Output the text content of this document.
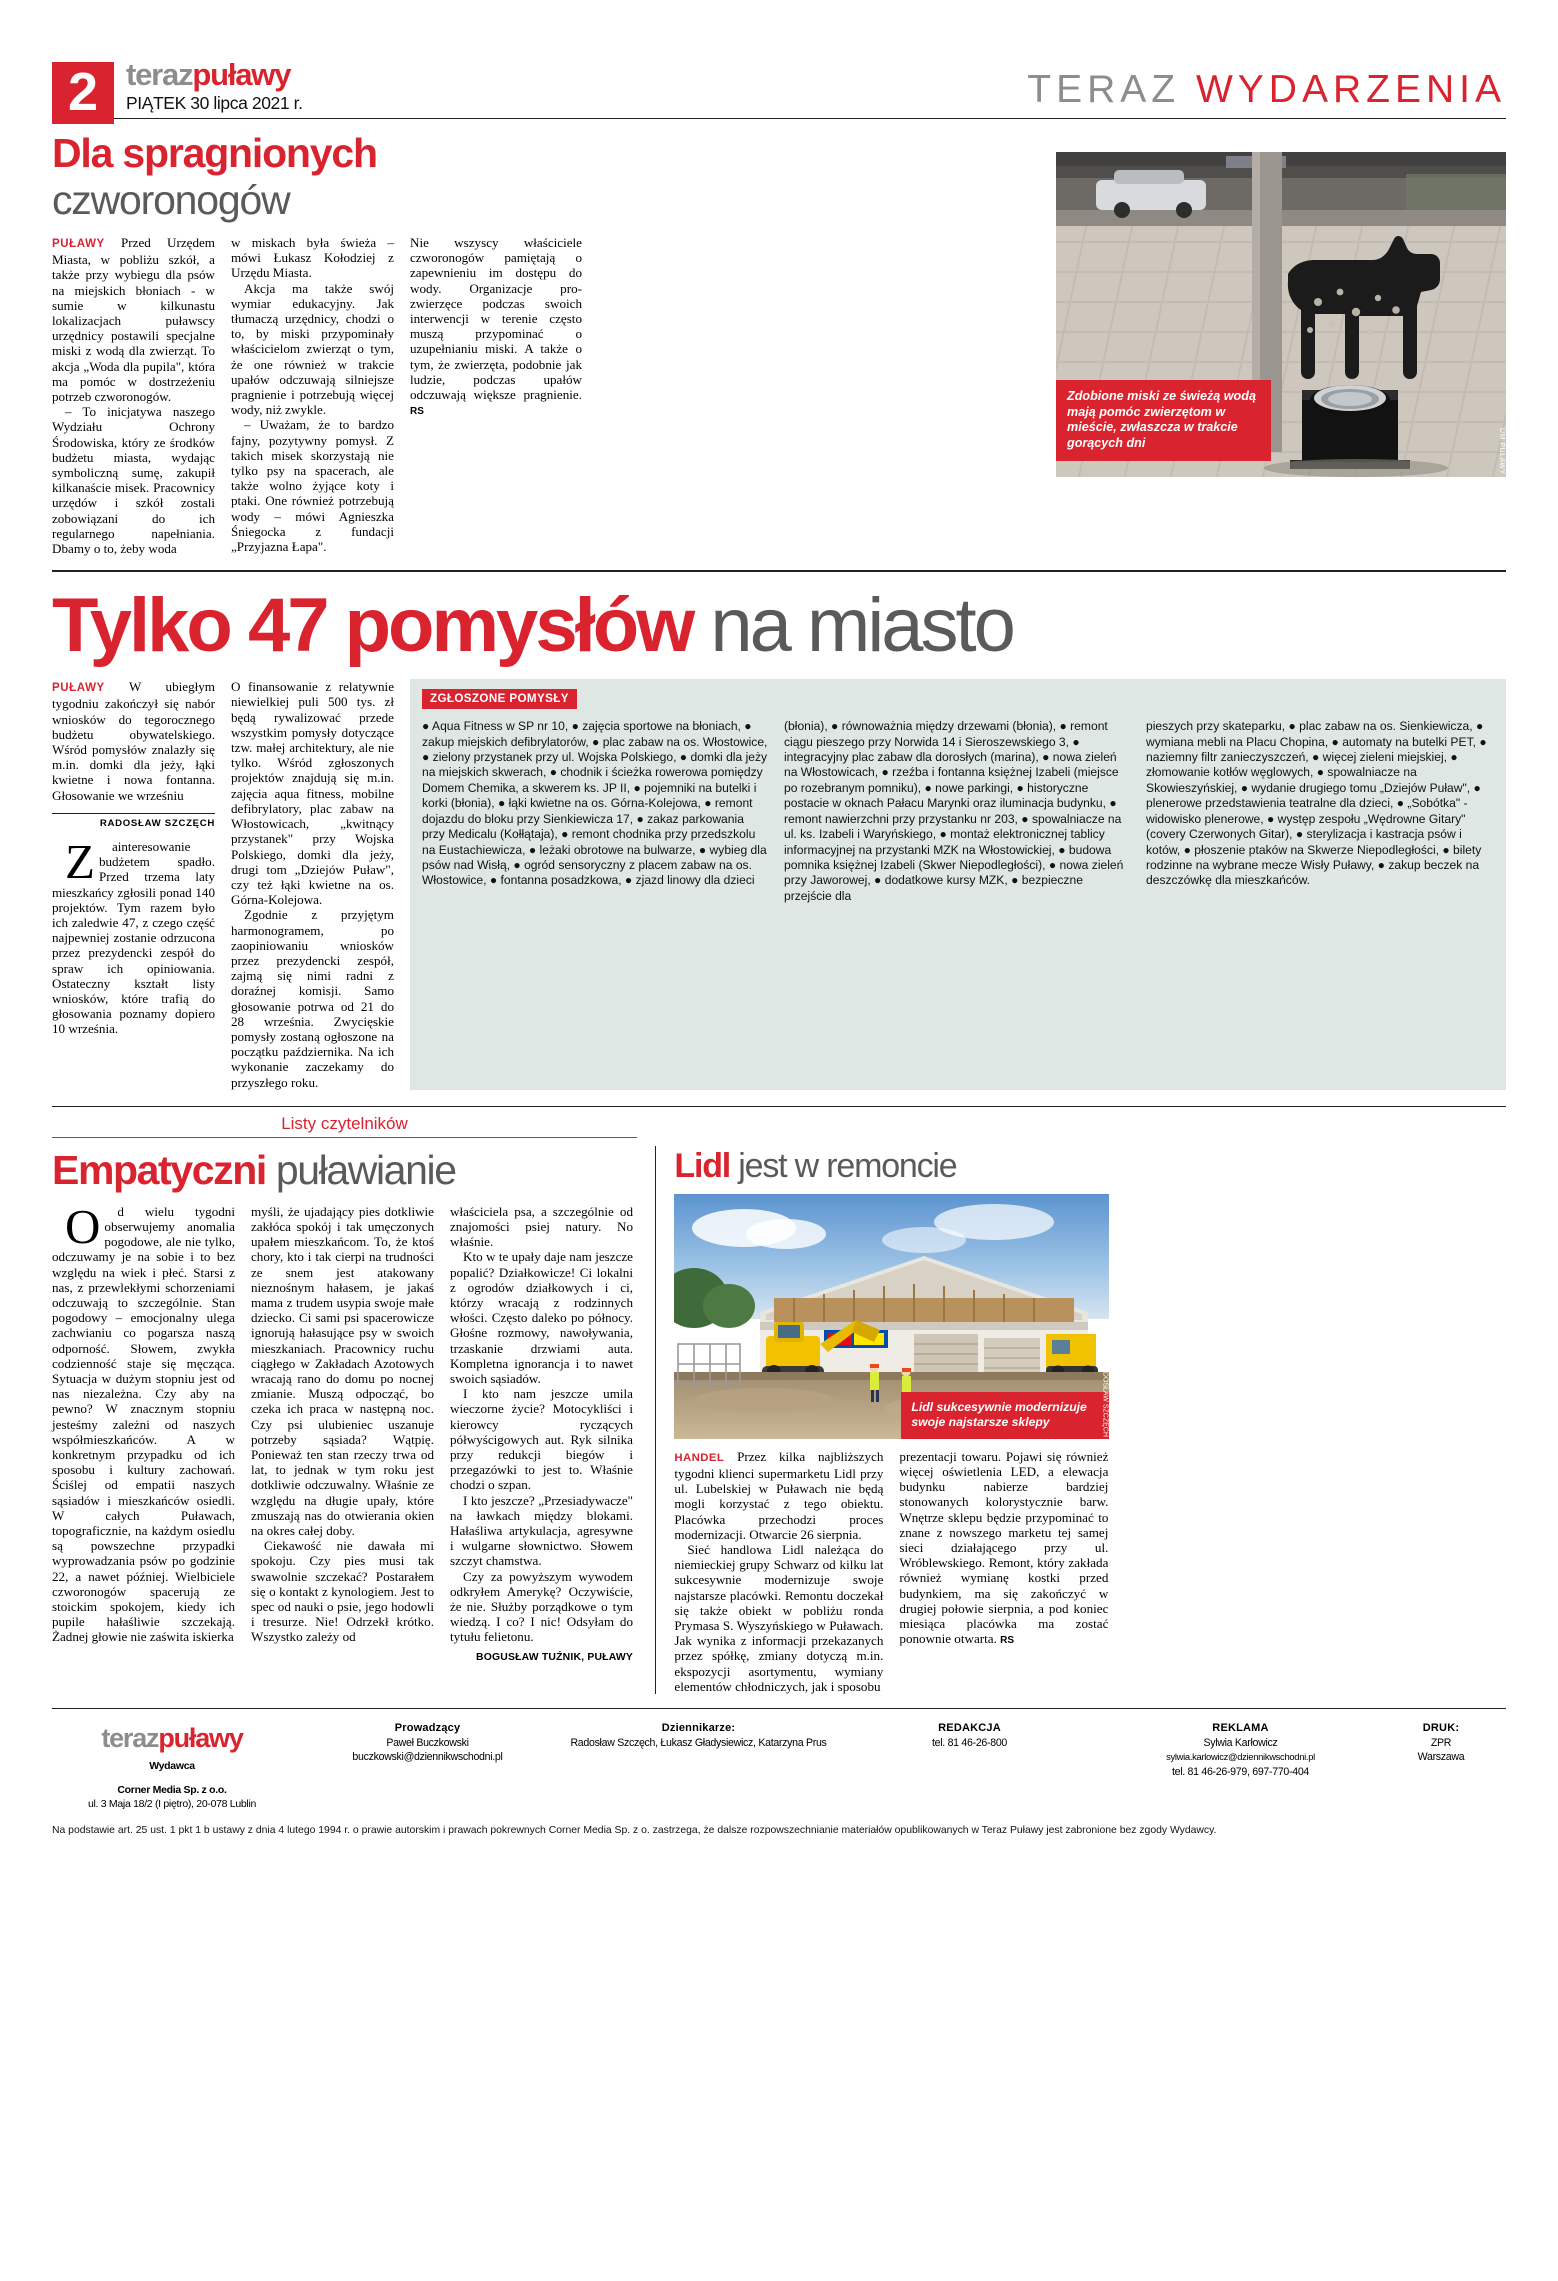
2 terazpuławy
PIĄTEK 30 lipca 2021 r.	TERAZ WYDARZENIA
Dla spragnionych czworonogów
Zdobione miski ze świeżą wodą mają pomóc zwierzętom w mieście, zwłaszcza w trakcie gorących dni	UM PUŁAWY

PUŁAWY Przed Urzędem Miasta, w pobliżu szkół, a także przy wybiegu dla psów na miejskich błoniach - w sumie w kilkunastu lokalizacjach puławscy urzędnicy postawili specjalne miski z wodą dla zwierząt. To akcja „Woda dla pupila", która ma pomóc w dostrzeżeniu potrzeb czworonogów.

– To inicjatywa naszego Wydziału Ochrony Środowiska, który ze środków budżetu miasta, wydając symboliczną sumę, zakupił kilkanaście misek. Pracownicy urzędów i szkół zostali zobowiązani do ich regularnego napełniania. Dbamy o to, żeby woda

w miskach była świeża – mówi Łukasz Kołodziej z Urzędu Miasta.

Akcja ma także swój wymiar edukacyjny. Jak tłumaczą urzędnicy, chodzi o to, by miski przypominały właścicielom zwierząt o tym, że one również w trakcie upałów odczuwają silniejsze pragnienie i potrzebują więcej wody, niż zwykle.

– Uważam, że to bardzo fajny, pozytywny pomysł. Z takich misek skorzystają nie tylko psy na spacerach, ale także wolno żyjące koty i ptaki. One również potrzebują wody – mówi Agnieszka Śniegocka z fundacji „Przyjazna Łapa".

Nie wszyscy właściciele czworonogów pamiętają o zapewnieniu im dostępu do wody. Organizacje pro-zwierzęce podczas swoich interwencji w terenie często muszą przypominać o uzupełnianiu miski. A także o tym, że zwierzęta, podobnie jak ludzie, podczas upałów odczuwają większe pragnienie. RS

Tylko 47 pomysłów na miasto

PUŁAWY W ubiegłym tygodniu zakończył się nabór wniosków do tegorocznego budżetu obywatelskiego. Wśród pomysłów znalazły się m.in. domki dla jeży, łąki kwietne i nowa fontanna. Głosowanie we wrześniu

RADOSŁAW SZCZĘCH

Zainteresowanie budżetem spadło. Przed trzema laty mieszkańcy zgłosili ponad 140 projektów. Tym razem było ich zaledwie 47, z czego część najpewniej zostanie odrzucona przez prezydencki zespół do spraw ich opiniowania. Ostateczny kształt listy wniosków, które trafią do głosowania poznamy dopiero 10 września.

O finansowanie z relatywnie niewielkiej puli 500 tys. zł będą rywalizować przede wszystkim pomysły dotyczące tzw. małej architektury, ale nie tylko. Wśród zgłoszonych projektów znajdują się m.in. zajęcia aqua fitness, mobilne defibrylatory, plac zabaw na Włostowicach, „kwitnący przystanek" przy Wojska Polskiego, domki dla jeży, drugi tom „Dziejów Puław", czy też łąki kwietne na os. Górna-Kolejowa.

Zgodnie z przyjętym harmonogramem, po zaopiniowaniu wniosków przez prezydencki zespół, zajmą się nimi radni z doraźnej komisji. Samo głosowanie potrwa od 21 do 28 września. Zwycięskie pomysły zostaną ogłoszone na początku października. Na ich wykonanie zaczekamy do przyszłego roku.

ZGŁOSZONE POMYSŁY
● Aqua Fitness w SP nr 10, ● zajęcia sportowe na błoniach, ● zakup miejskich defibrylatorów, ● plac zabaw na os. Włostowice, ● zielony przystanek przy ul. Wojska Polskiego, ● domki dla jeży na miejskich skwerach, ● chodnik i ścieżka rowerowa pomiędzy Domem Chemika, a skwerem ks. JP II, ● pojemniki na butelki i korki (błonia), ● łąki kwietne na os. Górna-Kolejowa, ● remont dojazdu do bloku przy Sienkiewicza 17, ● zakaz parkowania przy Medicalu (Kołłątaja), ● remont chodnika przy przedszkolu na Eustachiewicza, ● leżaki obrotowe na bulwarze, ● wybieg dla psów nad Wisłą, ● ogród sensoryczny z placem zabaw na os. Włostowice, ● fontanna posadzkowa, ● zjazd linowy dla dzieci
(błonia), ● równoważnia między drzewami (błonia), ● remont ciągu pieszego przy Norwida 14 i Sieroszewskiego 3, ● integracyjny plac zabaw dla dorosłych (marina), ● nowa zieleń na Włostowicach, ● rzeźba i fontanna księżnej Izabeli (miejsce po rozebranym pomniku), ● nowe parkingi, ● historyczne postacie w oknach Pałacu Marynki oraz iluminacja budynku, ● remont nawierzchni przy przystanku nr 203, ● spowalniacze na ul. ks. Izabeli i Waryńskiego, ● montaż elektronicznej tablicy informacyjnej na przystanki MZK na Włostowickiej, ● budowa pomnika księżnej Izabeli (Skwer Niepodległości), ● nowa zieleń przy Jaworowej, ● dodatkowe kursy MZK, ● bezpieczne przejście dla
pieszych przy skateparku, ● plac zabaw na os. Sienkiewicza, ● wymiana mebli na Placu Chopina, ● automaty na butelki PET, ● naziemny filtr zanieczyszczeń, ● więcej zieleni miejskiej, ● złomowanie kotłów węglowych, ● spowalniacze na Skowieszyńskiej, ● wydanie drugiego tomu „Dziejów Puław", ● plenerowe przedstawienia teatralne dla dzieci, ● „Sobótka" - widowisko plenerowe, ● występ zespołu „Wędrowne Gitary" (covery Czerwonych Gitar), ● sterylizacja i kastracja psów i kotów, ● płoszenie ptaków na Skwerze Niepodległości, ● bilety rodzinne na wybrane mecze Wisły Puławy, ● zakup beczek na deszczówkę dla mieszkańców.
Listy czytelników
Empatyczni puławianie

Od wielu tygodni obserwujemy anomalia pogodowe, ale nie tylko, odczuwamy je na sobie i to bez względu na wiek i płeć. Starsi z nas, z przewlekłymi schorzeniami odczuwają to szczególnie. Stan pogodowy – emocjonalny ulega zachwianiu co pogarsza naszą odporność. Słowem, zwykła codzienność staje się męcząca. Sytuacja w dużym stopniu jest od nas niezależna. Czy aby na pewno? W znacznym stopniu jesteśmy zależni od naszych współmieszkańców. A w konkretnym przypadku od ich sposobu i kultury zachowań. Ściślej od empatii naszych sąsiadów i mieszkańców osiedli. W całych Puławach, topograficznie, na każdym osiedlu są powszechne przypadki wyprowadzania psów po godzinie 22, a nawet później. Wielbiciele czworonogów spacerują ze stoickim spokojem, kiedy ich pupile hałaśliwie szczekają. Żadnej głowie nie zaświta iskierka

myśli, że ujadający pies dotkliwie zakłóca spokój i tak umęczonych upałem mieszkańcom. To, że ktoś chory, kto i tak cierpi na trudności ze snem jest atakowany nieznośnym hałasem, je jakaś mama z trudem usypia swoje małe dziecko. Ci sami psi spacerowicze ignorują hałasujące psy w swoich mieszkaniach. Pracownicy ruchu ciągłego w Zakładach Azotowych wracają rano do domu po nocnej zmianie. Muszą odpocząć, bo czeka ich praca w następną noc. Czy psi ulubieniec uszanuje potrzeby sąsiada? Wątpię. Ponieważ ten stan rzeczy trwa od lat, to jednak w tym roku jest dotkliwie odczuwalny. Właśnie ze względu na długie upały, które zmuszają nas do otwierania okien na okres całej doby.

Ciekawość nie dawała mi spokoju. Czy pies musi tak swawolnie szczekać? Postarałem się o kontakt z kynologiem. Jest to spec od nauki o psie, jego hodowli i tresurze. Nie! Odrzekł krótko. Wszystko zależy od

właściciela psa, a szczególnie od znajomości psiej natury. No właśnie.

Kto w te upały daje nam jeszcze popalić? Działkowicze! Ci lokalni z ogrodów działkowych i ci, którzy wracają z rodzinnych włości. Często daleko po północy. Głośne rozmowy, nawoływania, trzaskanie drzwiami auta. Kompletna ignorancja i to nawet swoich sąsiadów.

I kto nam jeszcze umila wieczorne życie? Motocykliści i kierowcy ryczących półwyścigowych aut. Ryk silnika przy redukcji biegów i przegazówki to jest to. Właśnie chodzi o szpan.

I kto jeszcze? „Przesiadywacze" na ławkach między blokami. Hałaśliwa artykulacja, agresywne i wulgarne słownictwo. Słowem szczyt chamstwa.

Czy za powyższym wywodem odkryłem Amerykę? Oczywiście, że nie. Służby porządkowe o tym wiedzą. I co? I nic! Odsyłam do tytułu felietonu.

BOGUSŁAW TUŹNIK, PUŁAWY
Lidl jest w remoncie
Lidl sukcesywnie modernizuje swoje najstarsze sklepy	FOT. RADOSŁAW SZCZĘCH

HANDEL Przez kilka najbliższych tygodni klienci supermarketu Lidl przy ul. Lubelskiej w Puławach nie będą mogli korzystać z tego obiektu. Placówka przechodzi proces modernizacji. Otwarcie 26 sierpnia.

Sieć handlowa Lidl należąca do niemieckiej grupy Schwarz od kilku lat sukcesywnie modernizuje swoje najstarsze placówki. Remontu doczekał się także obiekt w pobliżu ronda Prymasa S. Wyszyńskiego w Puławach. Jak wynika z informacji przekazanych przez spółkę, zmiany dotyczą m.in. ekspozycji asortymentu, wymiany elementów chłodniczych, jak i sposobu

prezentacji towaru. Pojawi się również więcej oświetlenia LED, a elewacja budynku nabierze bardziej stonowanych kolorystycznie barw. Wnętrze sklepu będzie przypominać to znane z nowszego marketu tej samej sieci działającego przy ul. Wróblewskiego. Remont, który zakłada również wymianę kostki przed budynkiem, ma się zakończyć w drugiej połowie sierpnia, a pod koniec miesiąca placówka ma zostać ponownie otwarta. RS

terazpuławy
Wydawca
Corner Media Sp. z o.o.
ul. 3 Maja 18/2 (I piętro), 20-078 Lublin
Prowadzący
Paweł Buczkowski
buczkowski@dziennikwschodni.pl
Dziennikarze:
Radosław Szczęch, Łukasz Gładysiewicz, Katarzyna Prus
REDAKCJA
tel. 81 46-26-800
REKLAMA
Sylwia Karłowicz
sylwia.karlowicz@dziennikwschodni.pl
tel. 81 46-26-979, 697-770-404
DRUK:
ZPR
Warszawa
Na podstawie art. 25 ust. 1 pkt 1 b ustawy z dnia 4 lutego 1994 r. o prawie autorskim i prawach pokrewnych Corner Media Sp. z o. zastrzega, że dalsze rozpowszechnianie materiałów opublikowanych w Teraz Puławy jest zabronione bez zgody Wydawcy.
